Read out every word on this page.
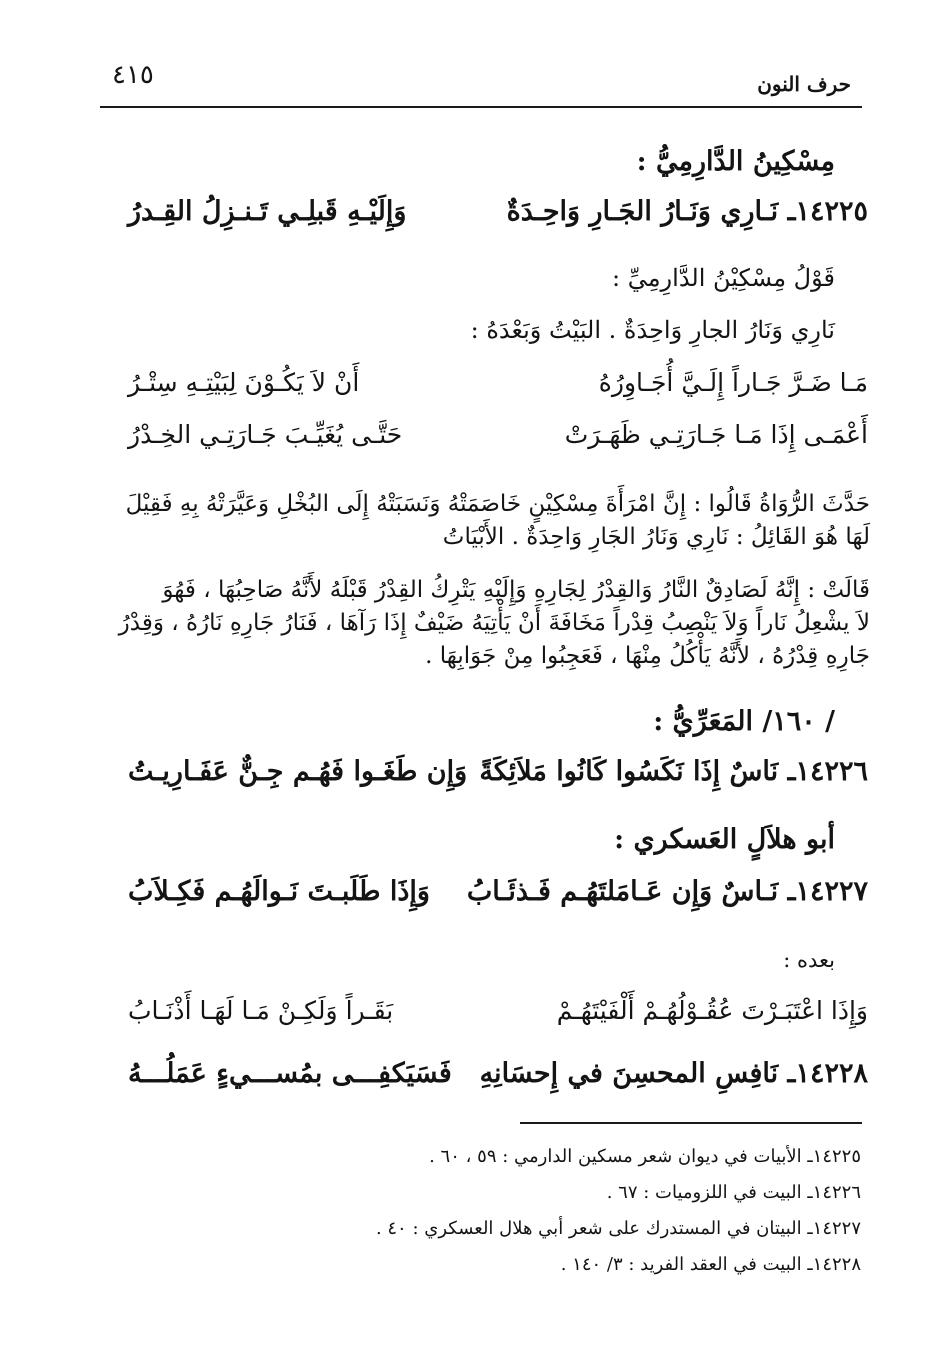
٤١٥	حرف النون
مِسْكِينُ الدَّارِمِيُّ :
١٤٢٢٥ـ نَـارِي وَنَـارُ الجَـارِ وَاحِـدَةٌ
وَإِلَيْـهِ قَبلِـي تَـنـزِلُ القِـدرُ
قَوْلُ مِسْكِيْنُ الدَّارِمِيِّ :
نَارِي وَنَارُ الجارِ وَاحِدَةٌ . البَيْتُ وَبَعْدَهُ :
مَـا ضَـرَّ جَـاراً إِلَـيَّ أُجَـاوِرُهُ
أَنْ لاَ يَكُـوْنَ لِبَيْتِـهِ سِتْـرُ
أَعْمَـى إِذَا مَـا جَـارَتِـي ظَهَـرَتْ
حَتَّـى يُغَيِّـبَ جَـارَتِـي الخِـدْرُ

حَدَّثَ الرُّوَاةُ قَالُوا : إِنَّ امْرَأَةَ مِسْكِيْنٍ خَاصَمَتْهُ وَنَسَبَتْهُ إِلَى البُخْلِ وَعَيَّرَتْهُ بِهِ فَقِيْلَ

لَهَا هُوَ القَائِلُ : نَارِي وَنَارُ الجَارِ وَاحِدَةٌ . الأَبْيَاتُ

قَالَتْ : إِنَّهُ لَصَادِقٌ النَّارُ وَالقِدْرُ لِجَارِهِ وَإِلَيْهِ يَتْرِكُ القِدْرُ قَبْلَهُ لأَنَّهُ صَاحِبُهَا ، فَهُوَ

لاَ يشْعِلُ نَاراً وَلاَ يَنْصِبُ قِدْراً مَخَافَةَ أَنْ يَأْتِيَهُ ضَيْفٌ إِذَا رَآهَا ، فَنَارُ جَارِهِ نَارُهُ ، وَقِدْرُ

جَارِهِ قِدْرُهُ ، لأَنَّهُ يَأْكُلُ مِنْهَا ، فَعَجِبُوا مِنْ جَوَابِهَا .

/ ١٦٠/ المَعَرِّيُّ :
١٤٢٢٦ـ نَاسٌ إِذَا نَكَسُوا كَانُوا مَلاَئِكَةً
وَإِن طَغَـوا فَهُـم جِـنٌّ عَفَـارِيـتُ
أبو هلاَلٍ العَسكري :
١٤٢٢٧ـ نَـاسٌ وَإِن عَـامَلتَهُـم فَـذئَـابُ
وَإِذَا طَلَبـتَ نَـوالَهُـم فَكِـلاَبُ
بعده :
وَإِذَا اعْتَبَـرْتَ عُقُـوْلُهُـمْ أَلْفَيْتَهُـمْ
بَقَـراً وَلَكِـنْ مَـا لَهَـا أَذْنَـابُ
١٤٢٢٨ـ نَافِسِ المحسِنَ في إِحسَانِهِ
فَسَيَكفِـــى بمُســـيءٍ عَمَلُـــهُ
١٤٢٢٥ـ الأبيات في ديوان شعر مسكين الدارمي : ٥٩ ، ٦٠ .
١٤٢٢٦ـ البيت في اللزوميات : ٦٧ .
١٤٢٢٧ـ البيتان في المستدرك على شعر أبي هلال العسكري : ٤٠ .
١٤٢٢٨ـ البيت في العقد الفريد : ٣/ ١٤٠ .
